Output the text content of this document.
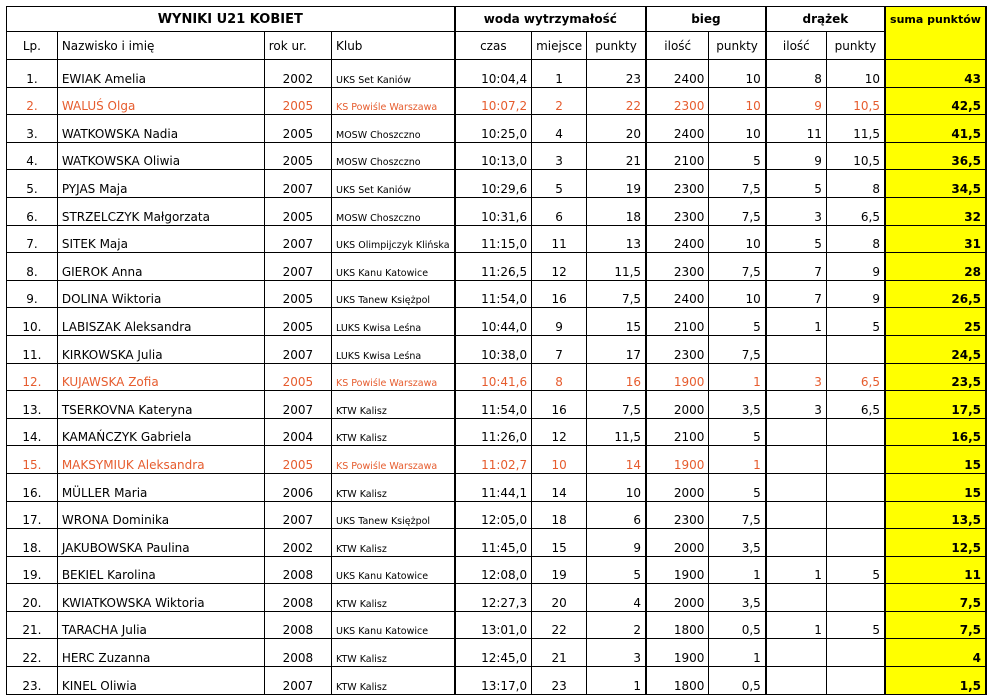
WYNIKI U21 KOBIET				woda wytrzymałość			bieg		drążek		suma punktów
Lp.	Nazwisko i imię	rok ur.	Klub	czas	miejsce	punkty	ilość	punkty	ilość	punkty	
1.	EWIAK Amelia	2002	UKS Set Kaniów	10:04,4	1	23	2400	10	8	10	43
2.	WALUŚ Olga	2005	KS Powiśle Warszawa	10:07,2	2	22	2300	10	9	10,5	42,5
3.	WATKOWSKA Nadia	2005	MOSW Choszczno	10:25,0	4	20	2400	10	11	11,5	41,5
4.	WATKOWSKA Oliwia	2005	MOSW Choszczno	10:13,0	3	21	2100	5	9	10,5	36,5
5.	PYJAS Maja	2007	UKS Set Kaniów	10:29,6	5	19	2300	7,5	5	8	34,5
6.	STRZELCZYK Małgorzata	2005	MOSW Choszczno	10:31,6	6	18	2300	7,5	3	6,5	32
7.	SITEK Maja	2007	UKS Olimpijczyk Klińska	11:15,0	11	13	2400	10	5	8	31
8.	GIEROK Anna	2007	UKS Kanu Katowice	11:26,5	12	11,5	2300	7,5	7	9	28
9.	DOLINA Wiktoria	2005	UKS Tanew Księżpol	11:54,0	16	7,5	2400	10	7	9	26,5
10.	LABISZAK Aleksandra	2005	LUKS Kwisa Leśna	10:44,0	9	15	2100	5	1	5	25
11.	KIRKOWSKA Julia	2007	LUKS Kwisa Leśna	10:38,0	7	17	2300	7,5			24,5
12.	KUJAWSKA Zofia	2005	KS Powiśle Warszawa	10:41,6	8	16	1900	1	3	6,5	23,5
13.	TSERKOVNA Kateryna	2007	KTW Kalisz	11:54,0	16	7,5	2000	3,5	3	6,5	17,5
14.	KAMAŃCZYK Gabriela	2004	KTW Kalisz	11:26,0	12	11,5	2100	5			16,5
15.	MAKSYMIUK Aleksandra	2005	KS Powiśle Warszawa	11:02,7	10	14	1900	1			15
16.	MÜLLER Maria	2006	KTW Kalisz	11:44,1	14	10	2000	5			15
17.	WRONA Dominika	2007	UKS Tanew Księżpol	12:05,0	18	6	2300	7,5			13,5
18.	JAKUBOWSKA Paulina	2002	KTW Kalisz	11:45,0	15	9	2000	3,5			12,5
19.	BEKIEL Karolina	2008	UKS Kanu Katowice	12:08,0	19	5	1900	1	1	5	11
20.	KWIATKOWSKA Wiktoria	2008	KTW Kalisz	12:27,3	20	4	2000	3,5			7,5
21.	TARACHA Julia	2008	UKS Kanu Katowice	13:01,0	22	2	1800	0,5	1	5	7,5
22.	HERC Zuzanna	2008	KTW Kalisz	12:45,0	21	3	1900	1			4
23.	KINEL Oliwia	2007	KTW Kalisz	13:17,0	23	1	1800	0,5			1,5
